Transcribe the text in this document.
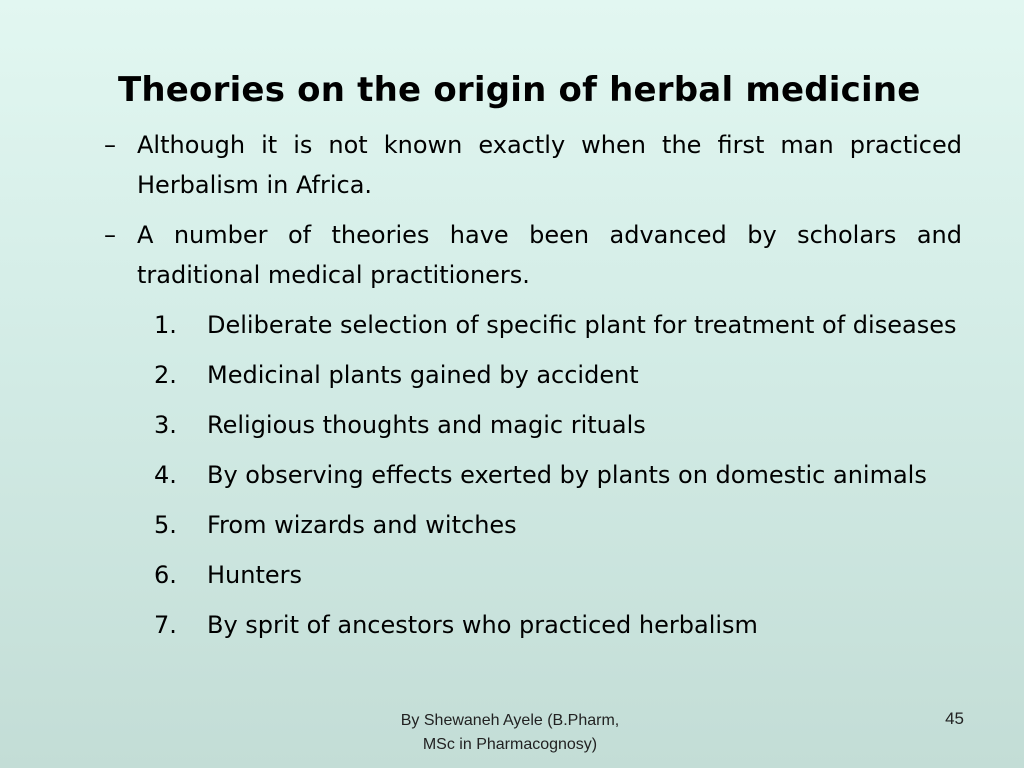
Theories on the origin of herbal medicine
– Although it is not known exactly when the first man practiced Herbalism in Africa.
– A number of theories have been advanced by scholars and traditional medical practitioners.
1. Deliberate selection of specific plant for treatment of diseases
2. Medicinal plants gained by accident
3. Religious thoughts and magic rituals
4. By observing effects exerted by plants on domestic animals
5. From wizards and witches
6. Hunters
7. By sprit of ancestors who practiced herbalism

By Shewaneh Ayele (B.Pharm,
MSc in Pharmacognosy)

45
